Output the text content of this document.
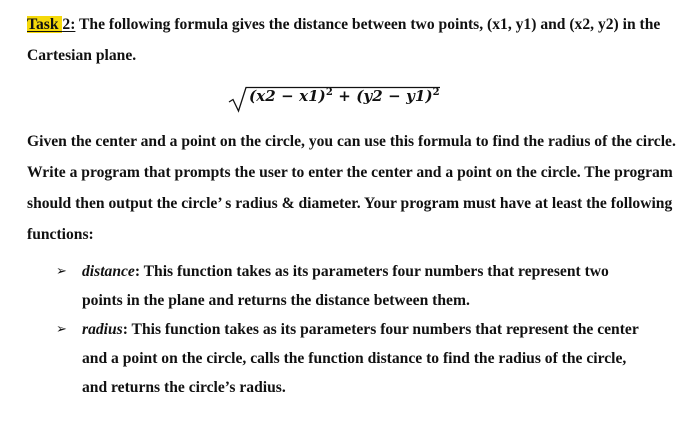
Task 2: The following formula gives the distance between two points, (x1, y1) and (x2, y2) in the Cartesian plane.

$(x2 - x1)^2 + (y2 - y1)^2$

Given the center and a point on the circle, you can use this formula to find the radius of the circle. Write a program that prompts the user to enter the center and a point on the circle. The program should then output the circle’ s radius & diameter. Your program must have at least the following functions:

➢ distance: This function takes as its parameters four numbers that represent two points in the plane and returns the distance between them.
➢ radius: This function takes as its parameters four numbers that represent the center and a point on the circle, calls the function distance to find the radius of the circle, and returns the circle’s radius.
